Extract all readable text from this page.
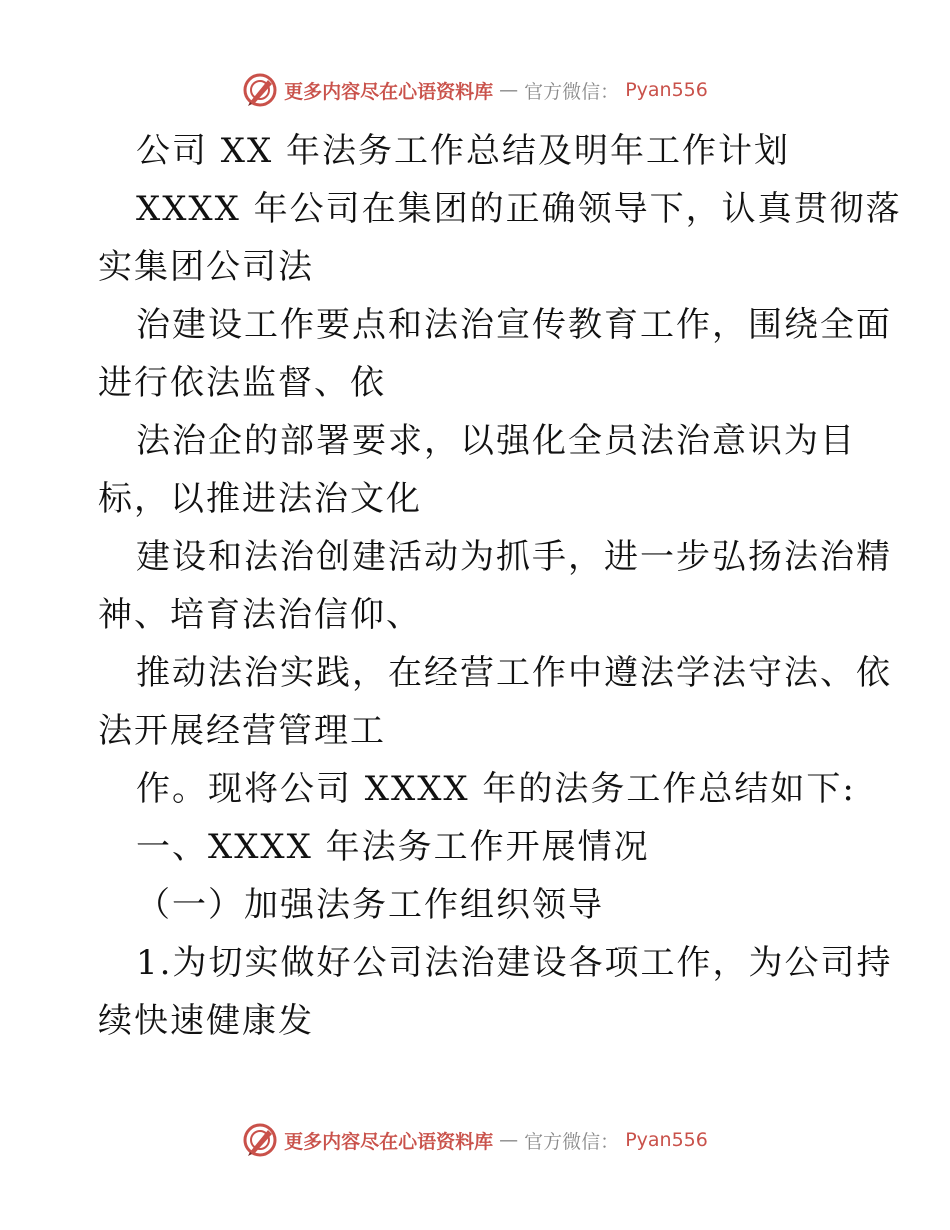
更多内容尽在心语资料库 — 官方微信： Pyan556
公司 XX 年法务工作总结及明年工作计划
XXXX 年公司在集团的正确领导下，认真贯彻落
实集团公司法
治建设工作要点和法治宣传教育工作，围绕全面
进行依法监督、依
法治企的部署要求，以强化全员法治意识为目
标，以推进法治文化
建设和法治创建活动为抓手，进一步弘扬法治精
神、培育法治信仰、
推动法治实践，在经营工作中遵法学法守法、依
法开展经营管理工
作。现将公司 XXXX 年的法务工作总结如下:
一、XXXX 年法务工作开展情况
（一）加强法务工作组织领导
1.为切实做好公司法治建设各项工作，为公司持
续快速健康发
更多内容尽在心语资料库 — 官方微信： Pyan556
